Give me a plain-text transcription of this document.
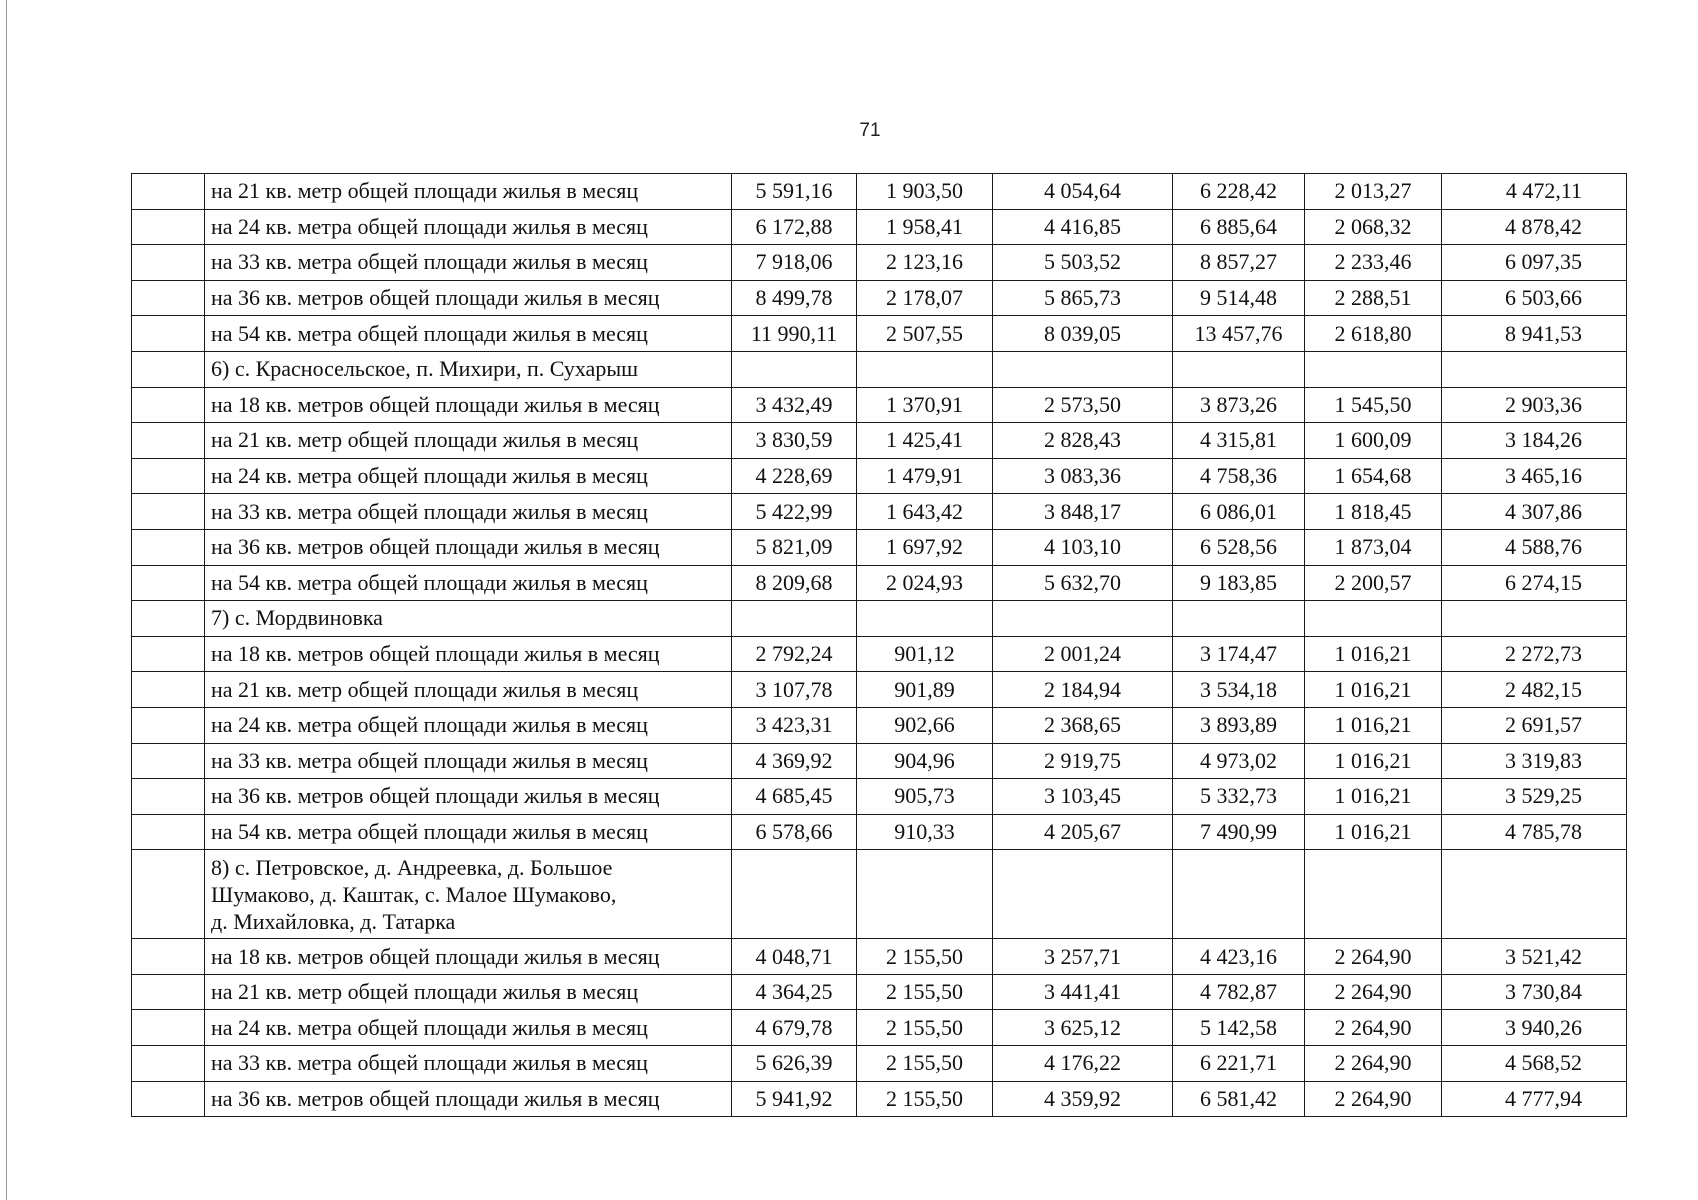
71
	на 21 кв. метр общей площади жилья в месяц	5 591,16	1 903,50	4 054,64	6 228,42	2 013,27	4 472,11
	на 24 кв. метра общей площади жилья в месяц	6 172,88	1 958,41	4 416,85	6 885,64	2 068,32	4 878,42
	на 33 кв. метра общей площади жилья в месяц	7 918,06	2 123,16	5 503,52	8 857,27	2 233,46	6 097,35
	на 36 кв. метров общей площади жилья в месяц	8 499,78	2 178,07	5 865,73	9 514,48	2 288,51	6 503,66
	на 54 кв. метра общей площади жилья в месяц	11 990,11	2 507,55	8 039,05	13 457,76	2 618,80	8 941,53
	6) с. Красносельское, п. Михири, п. Сухарыш						
	на 18 кв. метров общей площади жилья в месяц	3 432,49	1 370,91	2 573,50	3 873,26	1 545,50	2 903,36
	на 21 кв. метр общей площади жилья в месяц	3 830,59	1 425,41	2 828,43	4 315,81	1 600,09	3 184,26
	на 24 кв. метра общей площади жилья в месяц	4 228,69	1 479,91	3 083,36	4 758,36	1 654,68	3 465,16
	на 33 кв. метра общей площади жилья в месяц	5 422,99	1 643,42	3 848,17	6 086,01	1 818,45	4 307,86
	на 36 кв. метров общей площади жилья в месяц	5 821,09	1 697,92	4 103,10	6 528,56	1 873,04	4 588,76
	на 54 кв. метра общей площади жилья в месяц	8 209,68	2 024,93	5 632,70	9 183,85	2 200,57	6 274,15
	7) с. Мордвиновка						
	на 18 кв. метров общей площади жилья в месяц	2 792,24	901,12	2 001,24	3 174,47	1 016,21	2 272,73
	на 21 кв. метр общей площади жилья в месяц	3 107,78	901,89	2 184,94	3 534,18	1 016,21	2 482,15
	на 24 кв. метра общей площади жилья в месяц	3 423,31	902,66	2 368,65	3 893,89	1 016,21	2 691,57
	на 33 кв. метра общей площади жилья в месяц	4 369,92	904,96	2 919,75	4 973,02	1 016,21	3 319,83
	на 36 кв. метров общей площади жилья в месяц	4 685,45	905,73	3 103,45	5 332,73	1 016,21	3 529,25
	на 54 кв. метра общей площади жилья в месяц	6 578,66	910,33	4 205,67	7 490,99	1 016,21	4 785,78

	8) с. Петровское, д. Андреевка, д. Большое
Шумаково, д. Каштак, с. Малое Шумаково,
д. Михайловка, д. Татарка						

	на 18 кв. метров общей площади жилья в месяц	4 048,71	2 155,50	3 257,71	4 423,16	2 264,90	3 521,42
	на 21 кв. метр общей площади жилья в месяц	4 364,25	2 155,50	3 441,41	4 782,87	2 264,90	3 730,84
	на 24 кв. метра общей площади жилья в месяц	4 679,78	2 155,50	3 625,12	5 142,58	2 264,90	3 940,26
	на 33 кв. метра общей площади жилья в месяц	5 626,39	2 155,50	4 176,22	6 221,71	2 264,90	4 568,52
	на 36 кв. метров общей площади жилья в месяц	5 941,92	2 155,50	4 359,92	6 581,42	2 264,90	4 777,94
